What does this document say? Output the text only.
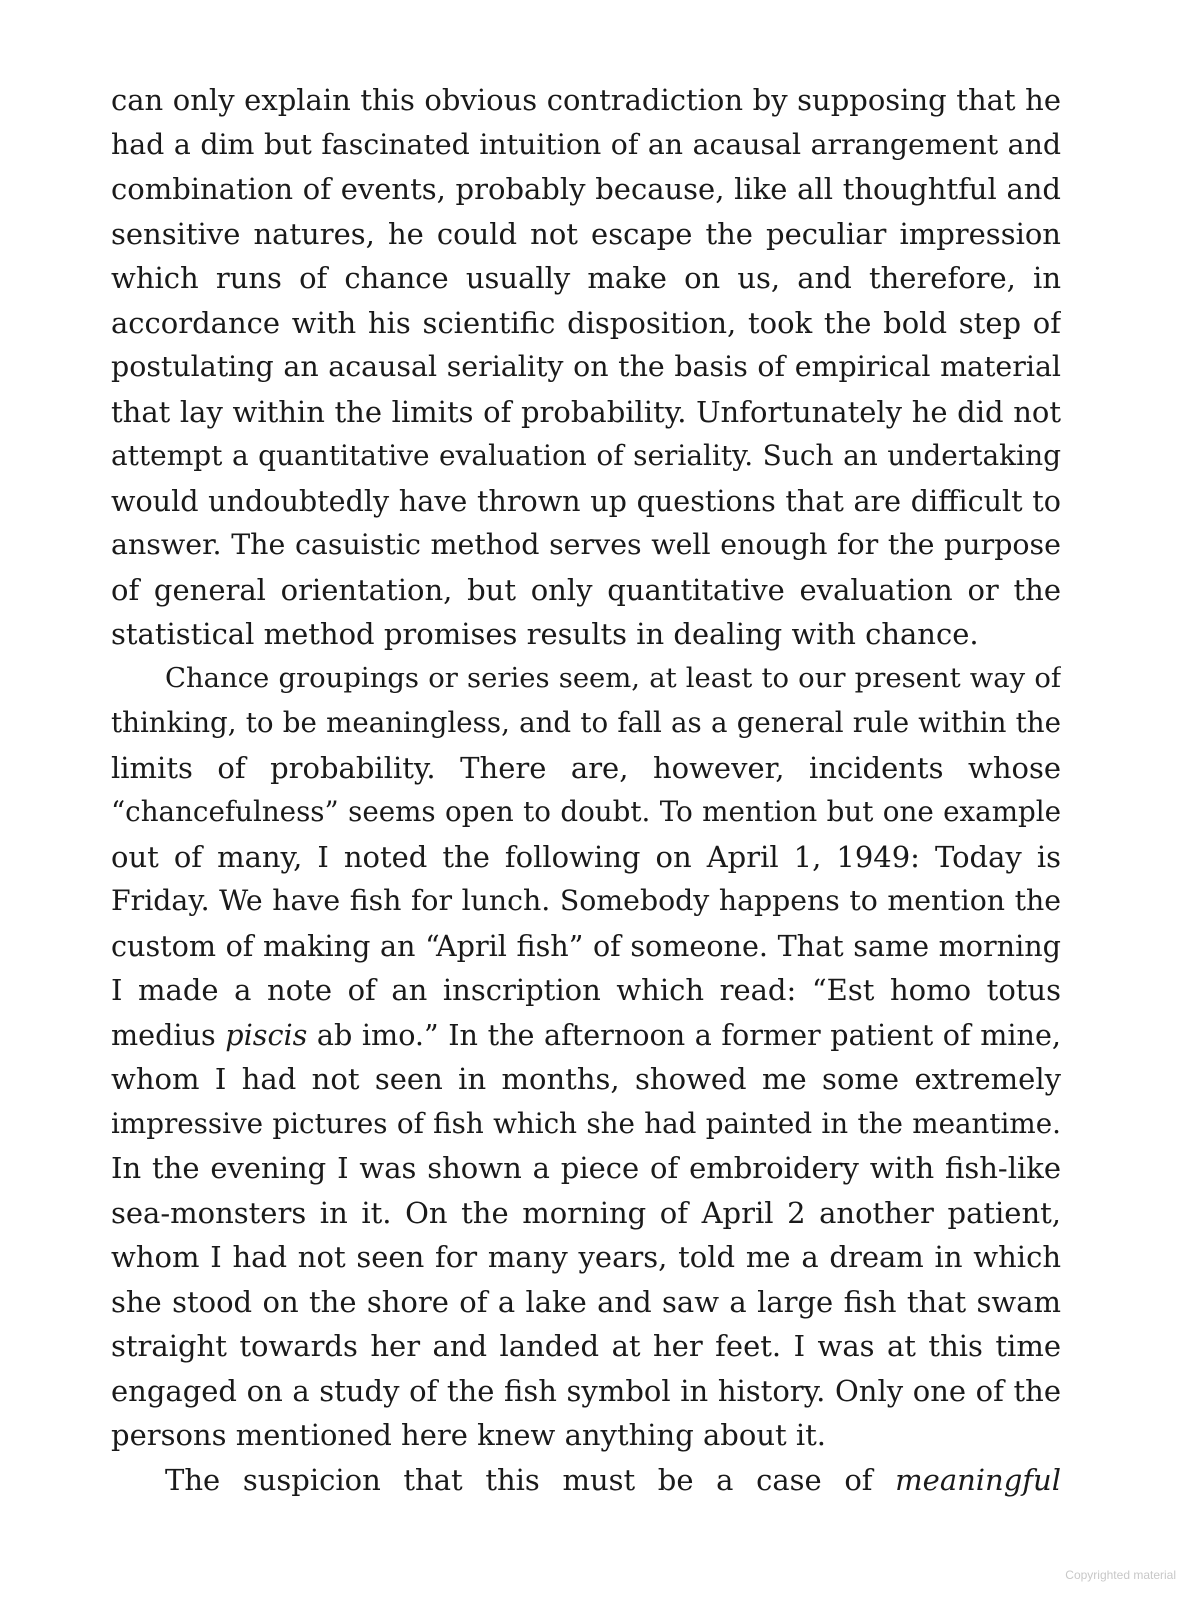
can only explain this obvious contradiction by supposing that he
had a dim but fascinated intuition of an acausal arrangement and
combination of events, probably because, like all thoughtful and
sensitive natures, he could not escape the peculiar impression
which runs of chance usually make on us, and therefore, in
accordance with his scientific disposition, took the bold step of
postulating an acausal seriality on the basis of empirical material
that lay within the limits of probability. Unfortunately he did not
attempt a quantitative evaluation of seriality. Such an undertaking
would undoubtedly have thrown up questions that are difficult to
answer. The casuistic method serves well enough for the purpose
of general orientation, but only quantitative evaluation or the
statistical method promises results in dealing with chance.
Chance groupings or series seem, at least to our present way of
thinking, to be meaningless, and to fall as a general rule within the
limits of probability. There are, however, incidents whose
“chancefulness” seems open to doubt. To mention but one example
out of many, I noted the following on April 1, 1949: Today is
Friday. We have fish for lunch. Somebody happens to mention the
custom of making an “April fish” of someone. That same morning
I made a note of an inscription which read: “Est homo totus
medius piscis ab imo.” In the afternoon a former patient of mine,
whom I had not seen in months, showed me some extremely
impressive pictures of fish which she had painted in the meantime.
In the evening I was shown a piece of embroidery with fish-like
sea-monsters in it. On the morning of April 2 another patient,
whom I had not seen for many years, told me a dream in which
she stood on the shore of a lake and saw a large fish that swam
straight towards her and landed at her feet. I was at this time
engaged on a study of the fish symbol in history. Only one of the
persons mentioned here knew anything about it.
The suspicion that this must be a case of meaningful
Copyrighted material
